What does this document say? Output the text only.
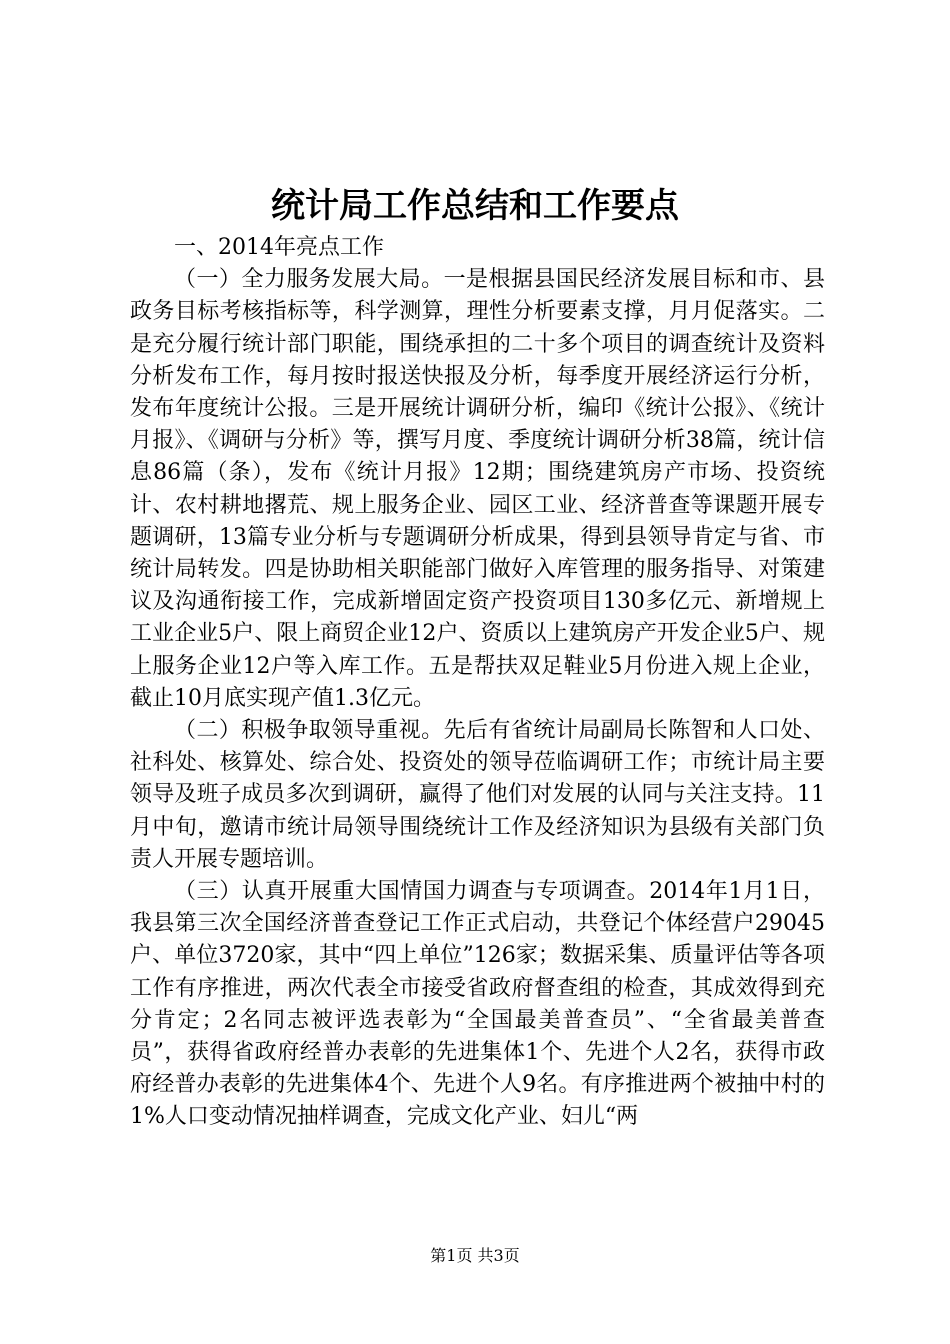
统计局工作总结和工作要点

一、2014年亮点工作

（一）全力服务发展大局。一是根据县国民经济发展目标和市、县政务目标考核指标等，科学测算，理性分析要素支撑，月月促落实。二是充分履行统计部门职能，围绕承担的二十多个项目的调查统计及资料分析发布工作，每月按时报送快报及分析，每季度开展经济运行分析，发布年度统计公报。三是开展统计调研分析，编印《统计公报》、《统计月报》、《调研与分析》等，撰写月度、季度统计调研分析38篇，统计信息86篇（条），发布《统计月报》12期；围绕建筑房产市场、投资统计、农村耕地撂荒、规上服务企业、园区工业、经济普查等课题开展专题调研，13篇专业分析与专题调研分析成果，得到县领导肯定与省、市统计局转发。四是协助相关职能部门做好入库管理的服务指导、对策建议及沟通衔接工作，完成新增固定资产投资项目130多亿元、新增规上工业企业5户、限上商贸企业12户、资质以上建筑房产开发企业5户、规上服务企业12户等入库工作。五是帮扶双足鞋业5月份进入规上企业，截止10月底实现产值1.3亿元。

（二）积极争取领导重视。先后有省统计局副局长陈智和人口处、社科处、核算处、综合处、投资处的领导莅临调研工作；市统计局主要领导及班子成员多次到调研，赢得了他们对发展的认同与关注支持。11月中旬，邀请市统计局领导围绕统计工作及经济知识为县级有关部门负责人开展专题培训。

（三）认真开展重大国情国力调查与专项调查。2014年1月1日，我县第三次全国经济普查登记工作正式启动，共登记个体经营户29045户、单位3720家，其中“四上单位”126家；数据采集、质量评估等各项工作有序推进，两次代表全市接受省政府督查组的检查，其成效得到充分肯定；2名同志被评选表彰为“全国最美普查员”、“全省最美普查员”，获得省政府经普办表彰的先进集体1个、先进个人2名，获得市政府经普办表彰的先进集体4个、先进个人9名。有序推进两个被抽中村的1%人口变动情况抽样调查，完成文化产业、妇儿“两

第1页 共3页
